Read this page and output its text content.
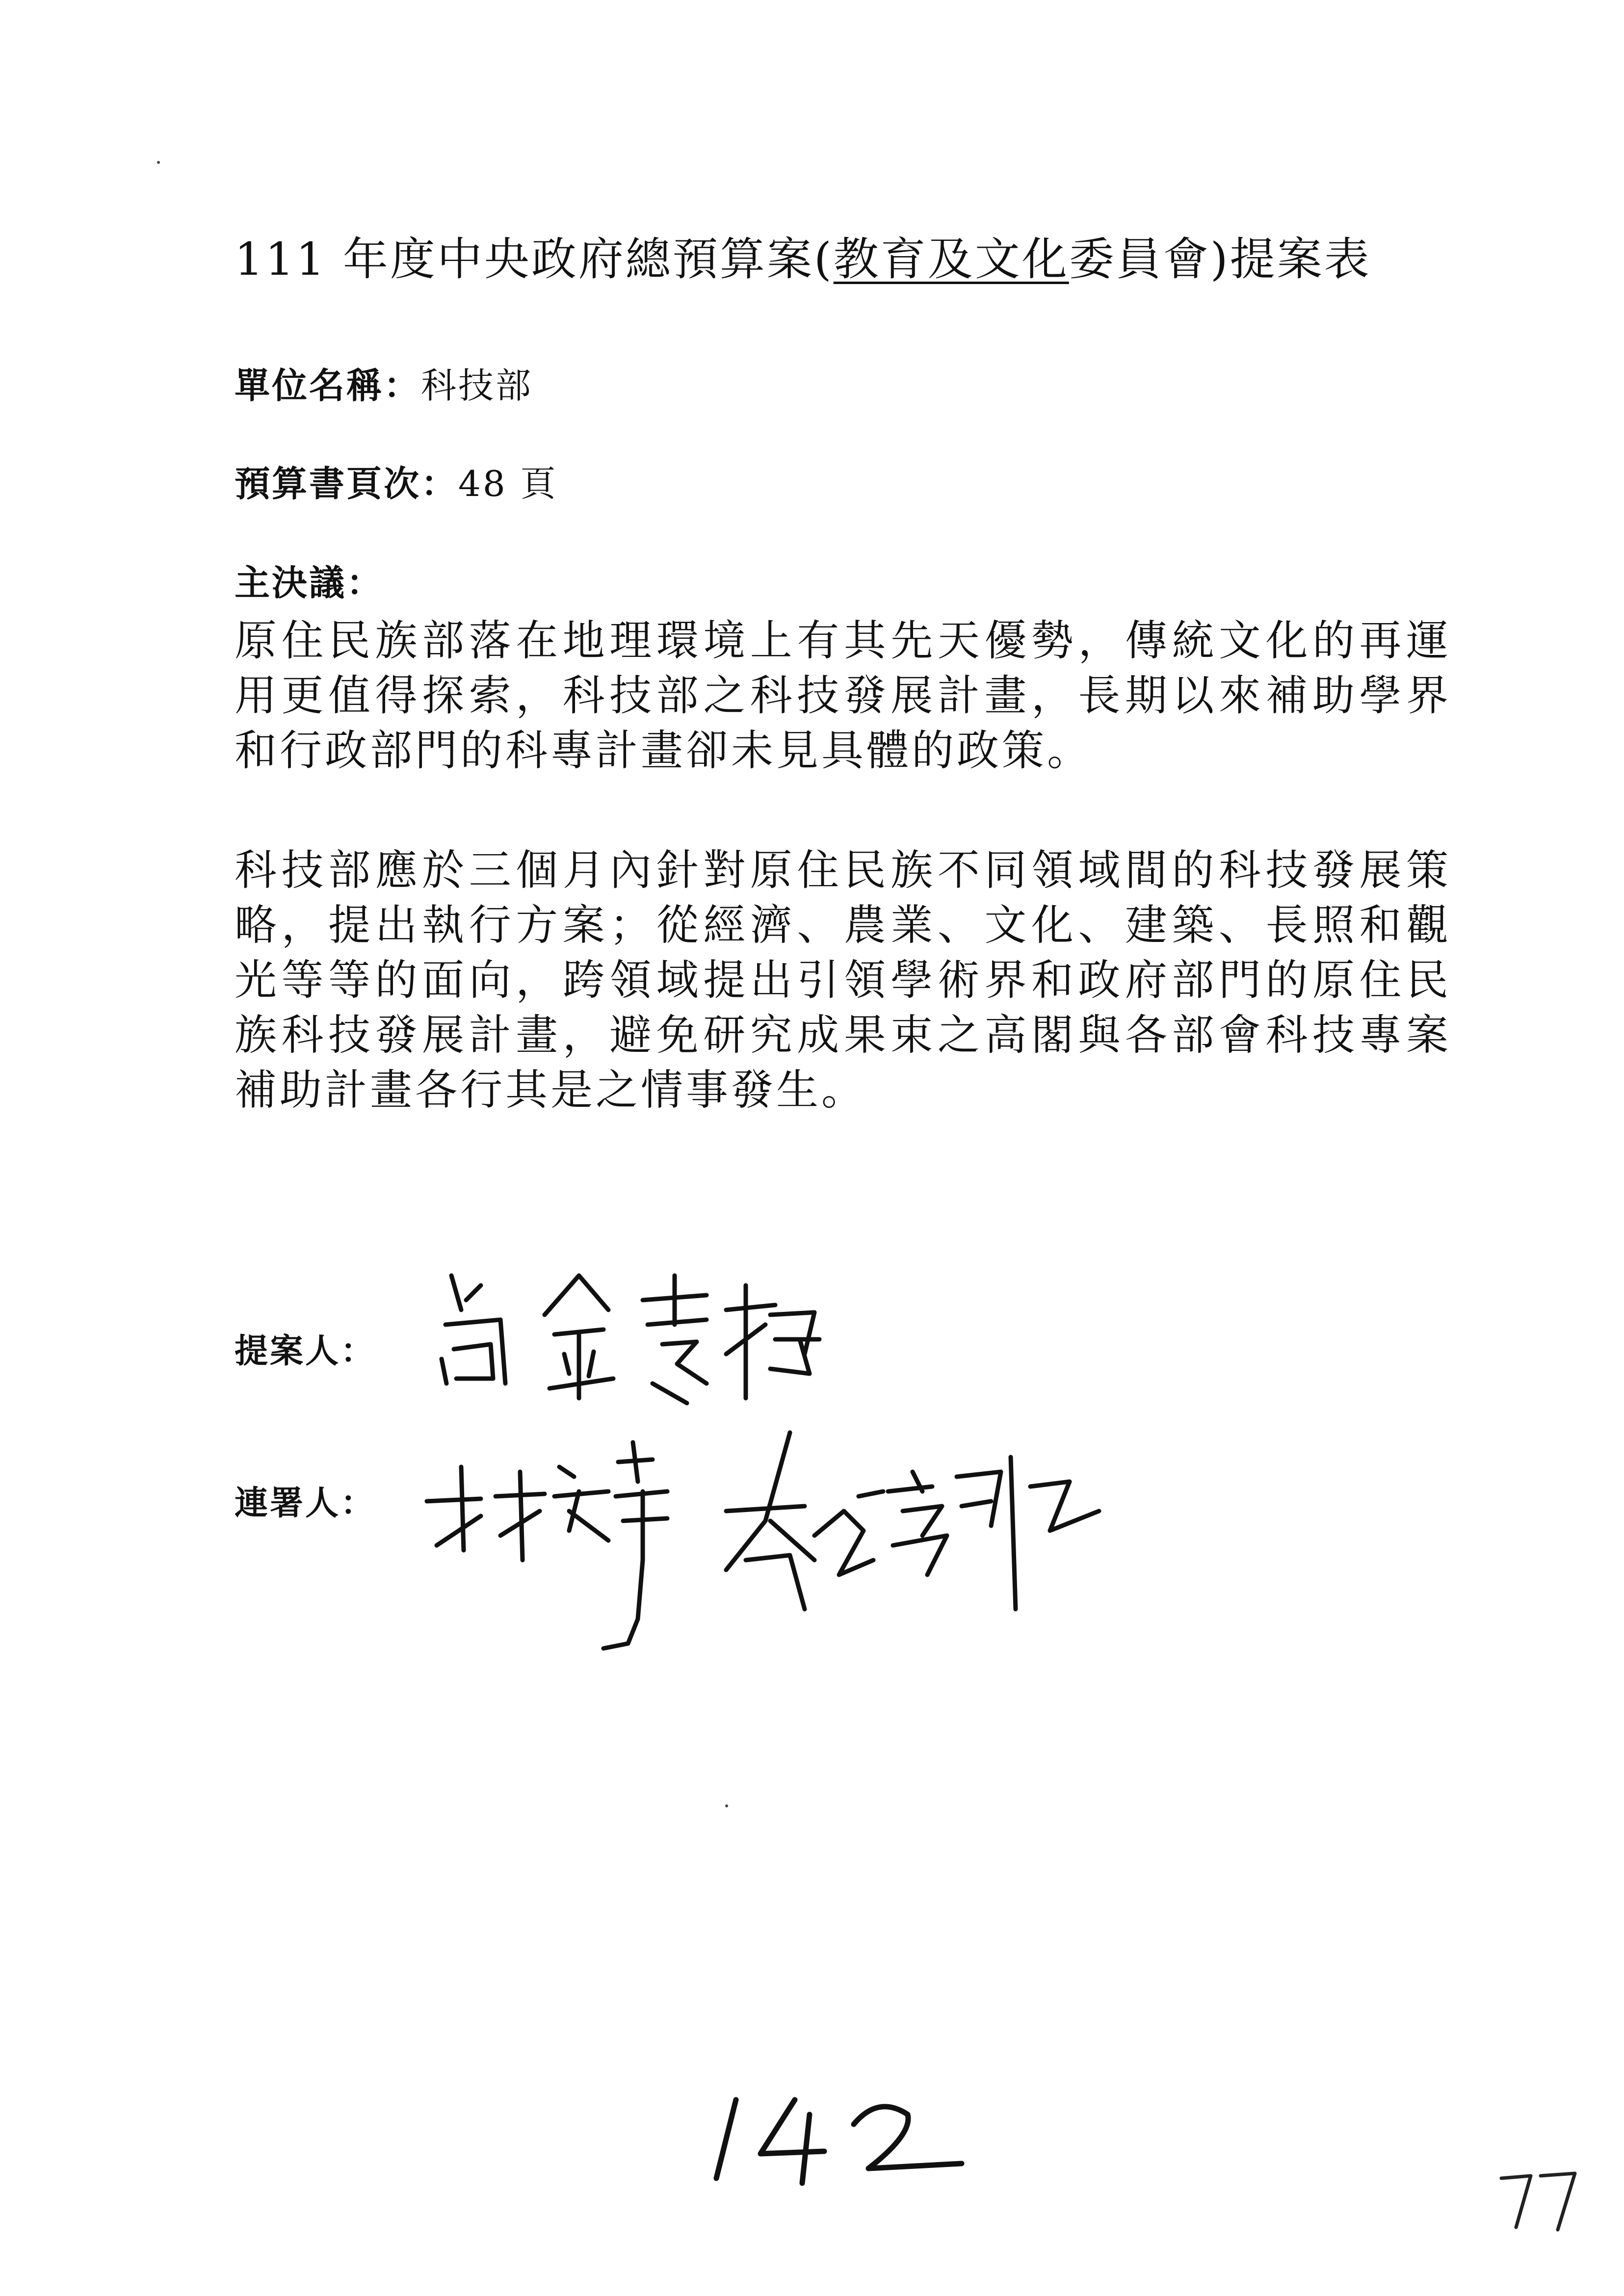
111 年度中央政府總預算案(教育及文化委員會)提案表
單位名稱：科技部
預算書頁次：48 頁
主決議：
原住民族部落在地理環境上有其先天優勢，傳統文化的再運用更值得探索，科技部之科技發展計畫，長期以來補助學界和行政部門的科專計畫卻未見具體的政策。
科技部應於三個月內針對原住民族不同領域間的科技發展策略，提出執行方案；從經濟、農業、文化、建築、長照和觀光等等的面向，跨領域提出引領學術界和政府部門的原住民族科技發展計畫，避免研究成果束之高閣與各部會科技專案補助計畫各行其是之情事發生。
提案人：
連署人：
